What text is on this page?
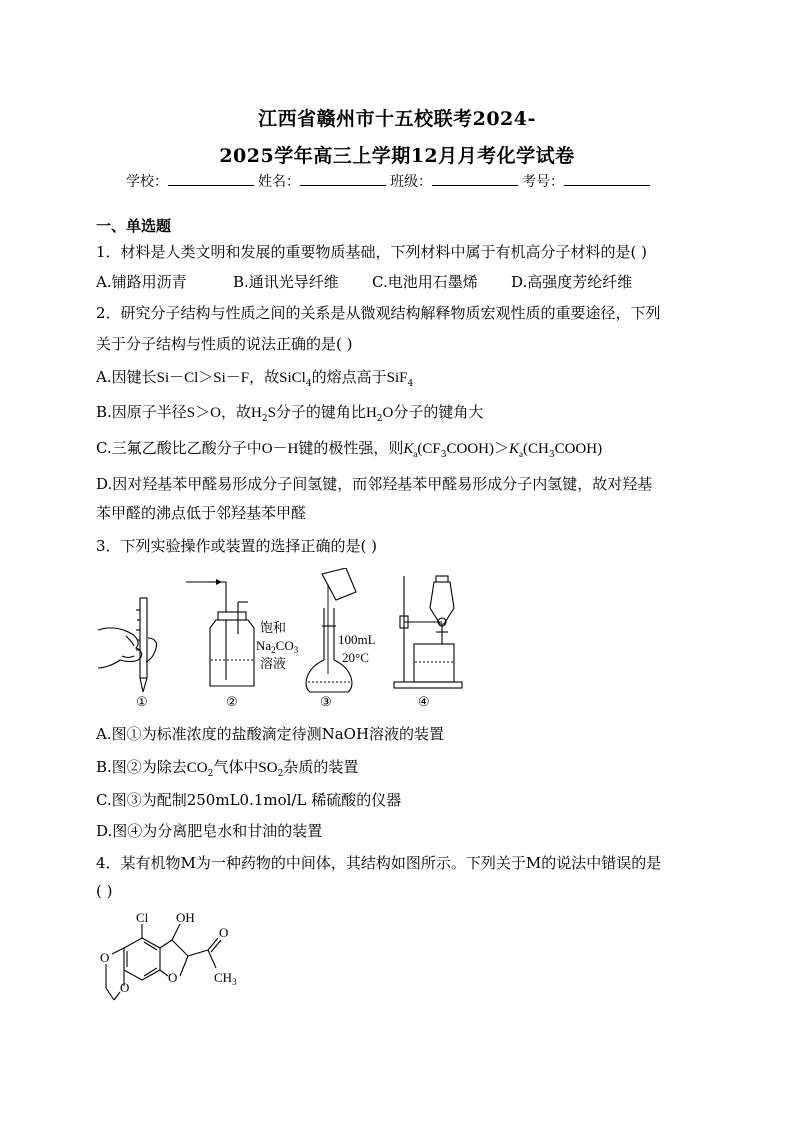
江西省赣州市十五校联考2024-
2025学年高三上学期12月月考化学试卷
学校：	姓名：	班级：	考号：
一、单选题
1．材料是人类文明和发展的重要物质基础，下列材料中属于有机高分子材料的是( )
A.铺路用沥青	B.通讯光导纤维 C.电池用石墨烯 D.高强度芳纶纤维
2．研究分子结构与性质之间的关系是从微观结构解释物质宏观性质的重要途径，下列
关于分子结构与性质的说法正确的是( )
A.因键长Si－Cl＞Si－F，故SiCl$_4$的熔点高于SiF$_4$
B.因原子半径S＞O，故$H_2S$分子的键角比$H_2O$分子的键角大
C.三氟乙酸比乙酸分子中O－H键的极性强，则$K_a(CF_3COOH)>K_a(CH_3COOH)$
D.因对羟基苯甲醛易形成分子间氢键，而邻羟基苯甲醛易形成分子内氢键，故对羟基
苯甲醛的沸点低于邻羟基苯甲醛
3．下列实验操作或装置的选择正确的是( )
饱和
$Na_2CO_3$
溶液
100mL
20°C
①	②	③	④
A.图①为标准浓度的盐酸滴定待测NaOH溶液的装置
B.图②为除去$CO_2$气体中$SO_2$杂质的装置
C.图③为配制250mL0.1mol/L 稀硫酸的仪器
D.图④为分离肥皂水和甘油的装置
4．某有机物M为一种药物的中间体，其结构如图所示。下列关于M的说法中错误的是
( )
Cl OH
O
O
$CH_3$
O
O
